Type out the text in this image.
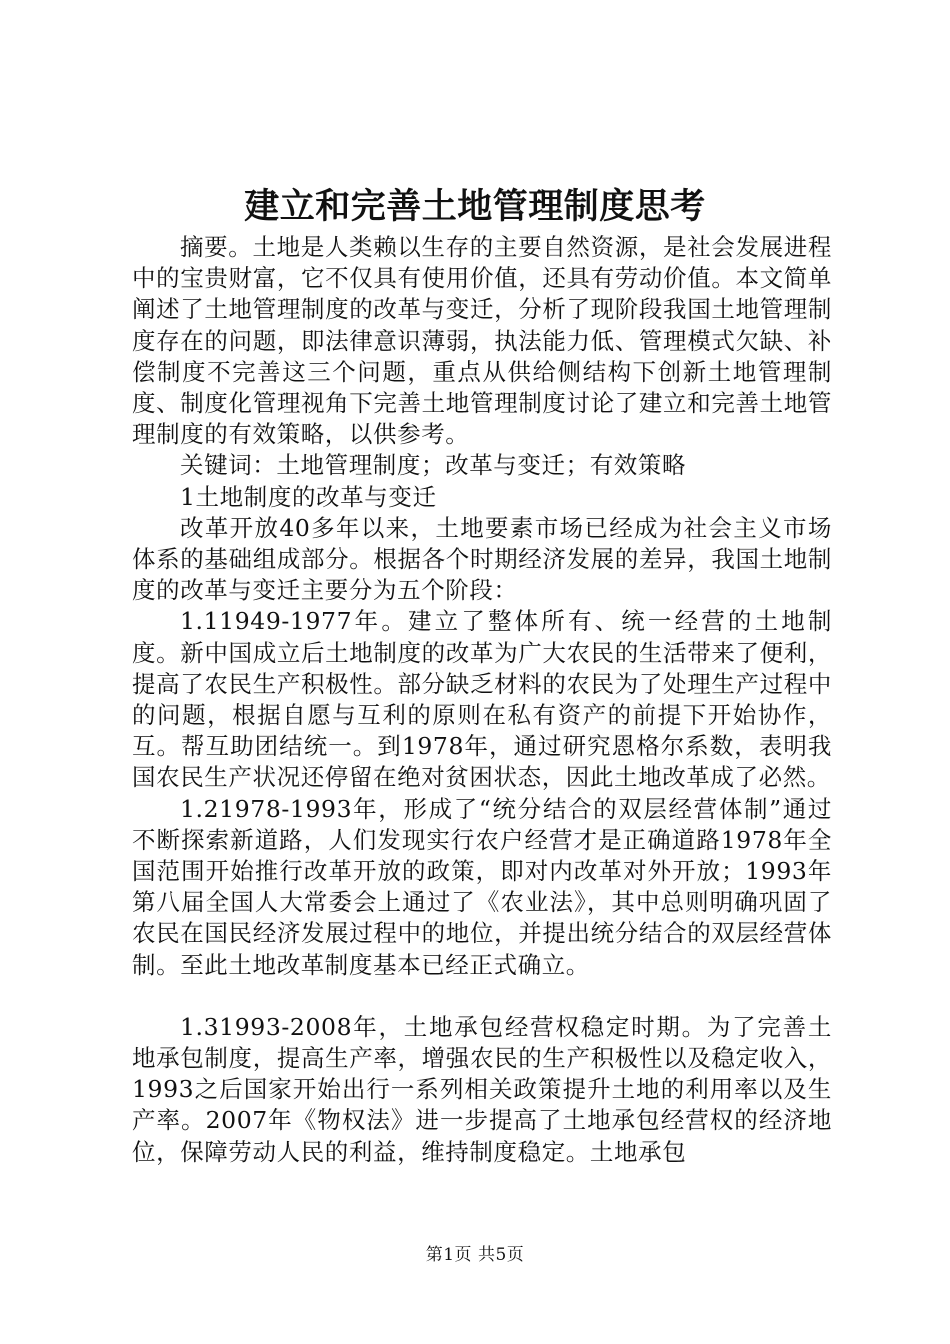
建立和完善土地管理制度思考

摘要。土地是人类赖以生存的主要自然资源，是社会发展进程中的宝贵财富，它不仅具有使用价值，还具有劳动价值。本文简单阐述了土地管理制度的改革与变迁，分析了现阶段我国土地管理制度存在的问题，即法律意识薄弱，执法能力低、管理模式欠缺、补偿制度不完善这三个问题，重点从供给侧结构下创新土地管理制度、制度化管理视角下完善土地管理制度讨论了建立和完善土地管理制度的有效策略，以供参考。

关键词：土地管理制度；改革与变迁；有效策略

1土地制度的改革与变迁

改革开放40多年以来，土地要素市场已经成为社会主义市场体系的基础组成部分。根据各个时期经济发展的差异，我国土地制度的改革与变迁主要分为五个阶段：

1.11949-1977年。建立了整体所有、统一经营的土地制度。新中国成立后土地制度的改革为广大农民的生活带来了便利，提高了农民生产积极性。部分缺乏材料的农民为了处理生产过程中的问题，根据自愿与互利的原则在私有资产的前提下开始协作，互。帮互助团结统一。到1978年，通过研究恩格尔系数，表明我国农民生产状况还停留在绝对贫困状态，因此土地改革成了必然。

1.21978-1993年，形成了“统分结合的双层经营体制”通过不断探索新道路，人们发现实行农户经营才是正确道路1978年全国范围开始推行改革开放的政策，即对内改革对外开放；1993年第八届全国人大常委会上通过了《农业法》，其中总则明确巩固了农民在国民经济发展过程中的地位，并提出统分结合的双层经营体制。至此土地改革制度基本已经正式确立。

1.31993-2008年，土地承包经营权稳定时期。为了完善土地承包制度，提高生产率，增强农民的生产积极性以及稳定收入，1993之后国家开始出行一系列相关政策提升土地的利用率以及生产率。2007年《物权法》进一步提高了土地承包经营权的经济地位，保障劳动人民的利益，维持制度稳定。土地承包

第1页 共5页
